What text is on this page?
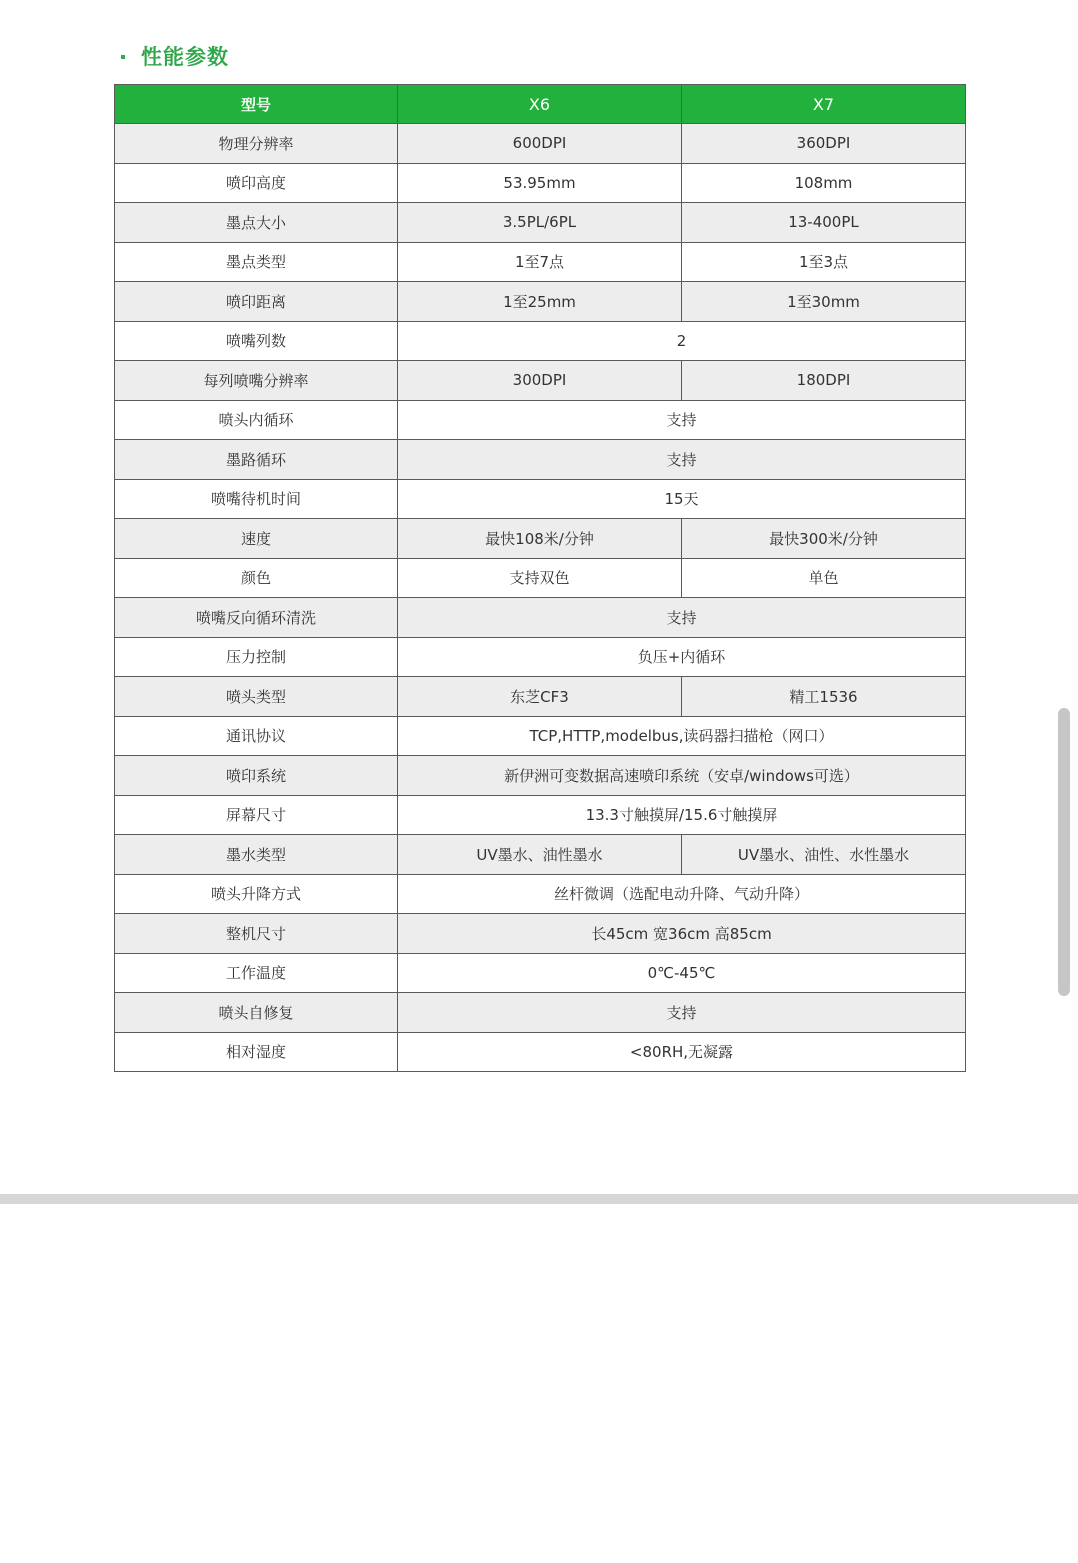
性能参数
型号	X6	X7
物理分辨率	600DPI	360DPI
喷印高度	53.95mm	108mm
墨点大小	3.5PL/6PL	13-400PL
墨点类型	1至7点	1至3点
喷印距离	1至25mm	1至30mm
喷嘴列数	2	
每列喷嘴分辨率	300DPI	180DPI
喷头内循环	支持	
墨路循环	支持	
喷嘴待机时间	15天	
速度	最快108米/分钟	最快300米/分钟
颜色	支持双色	单色
喷嘴反向循环清洗	支持	
压力控制	负压+内循环	
喷头类型	东芝CF3	精工1536
通讯协议	TCP,HTTP,modelbus,读码器扫描枪（网口）	
喷印系统	新伊洲可变数据高速喷印系统（安卓/windows可选）	
屏幕尺寸	13.3寸触摸屏/15.6寸触摸屏	
墨水类型	UV墨水、油性墨水	UV墨水、油性、水性墨水
喷头升降方式	丝杆微调（选配电动升降、气动升降）	
整机尺寸	长45cm 宽36cm 高85cm	
工作温度	0℃-45℃	
喷头自修复	支持	
相对湿度	<80RH,无凝露	
